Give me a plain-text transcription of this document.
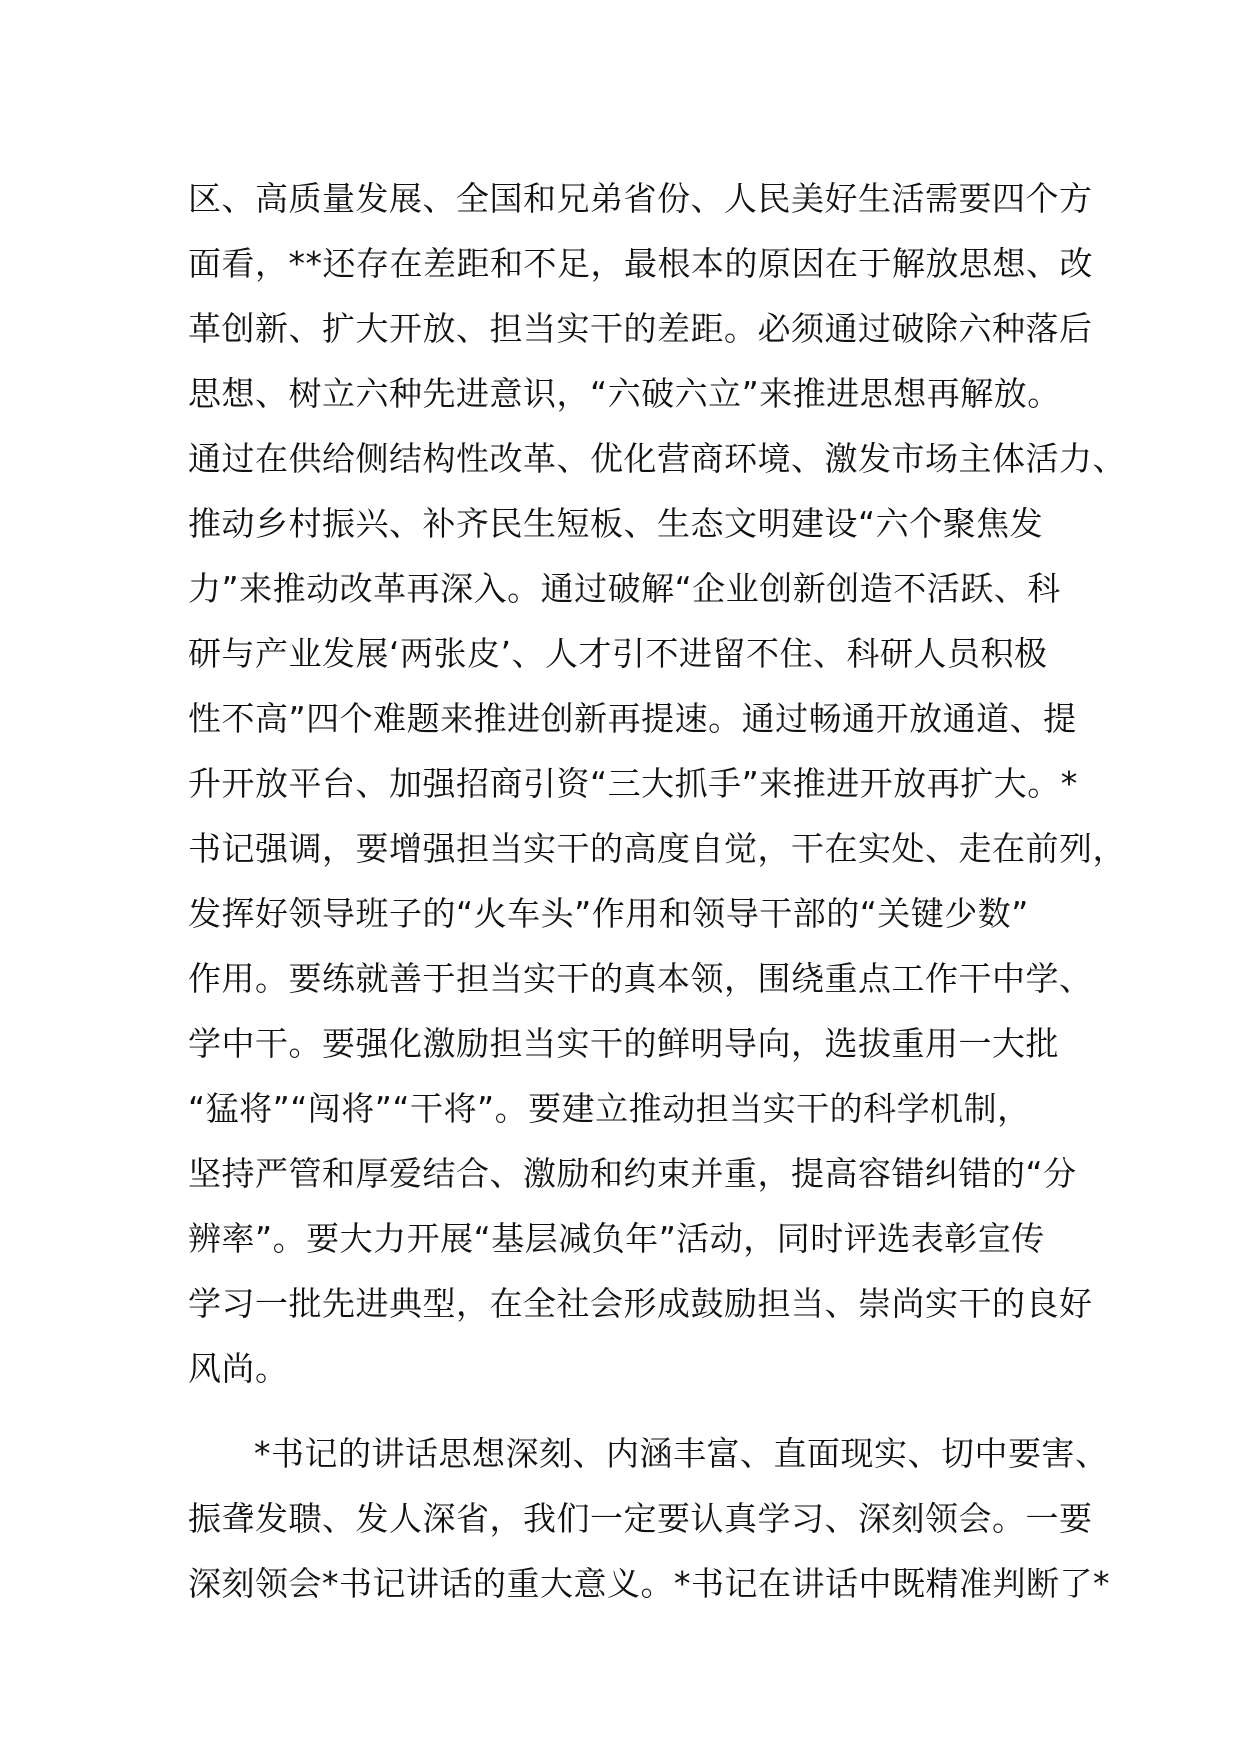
区、高质量发展、全国和兄弟省份、人民美好生活需要四个方
面看，**还存在差距和不足，最根本的原因在于解放思想、改
革创新、扩大开放、担当实干的差距。必须通过破除六种落后
思想、树立六种先进意识，“六破六立”来推进思想再解放。
通过在供给侧结构性改革、优化营商环境、激发市场主体活力、
推动乡村振兴、补齐民生短板、生态文明建设“六个聚焦发
力”来推动改革再深入。通过破解“企业创新创造不活跃、科
研与产业发展‘两张皮’、人才引不进留不住、科研人员积极
性不高”四个难题来推进创新再提速。通过畅通开放通道、提
升开放平台、加强招商引资“三大抓手”来推进开放再扩大。*
书记强调，要增强担当实干的高度自觉，干在实处、走在前列，
发挥好领导班子的“火车头”作用和领导干部的“关键少数”
作用。要练就善于担当实干的真本领，围绕重点工作干中学、
学中干。要强化激励担当实干的鲜明导向，选拔重用一大批
“猛将”“闯将”“干将”。要建立推动担当实干的科学机制，
坚持严管和厚爱结合、激励和约束并重，提高容错纠错的“分
辨率”。要大力开展“基层减负年”活动，同时评选表彰宣传
学习一批先进典型，在全社会形成鼓励担当、崇尚实干的良好
风尚。
*书记的讲话思想深刻、内涵丰富、直面现实、切中要害、
振聋发聩、发人深省，我们一定要认真学习、深刻领会。一要
深刻领会*书记讲话的重大意义。*书记在讲话中既精准判断了*
